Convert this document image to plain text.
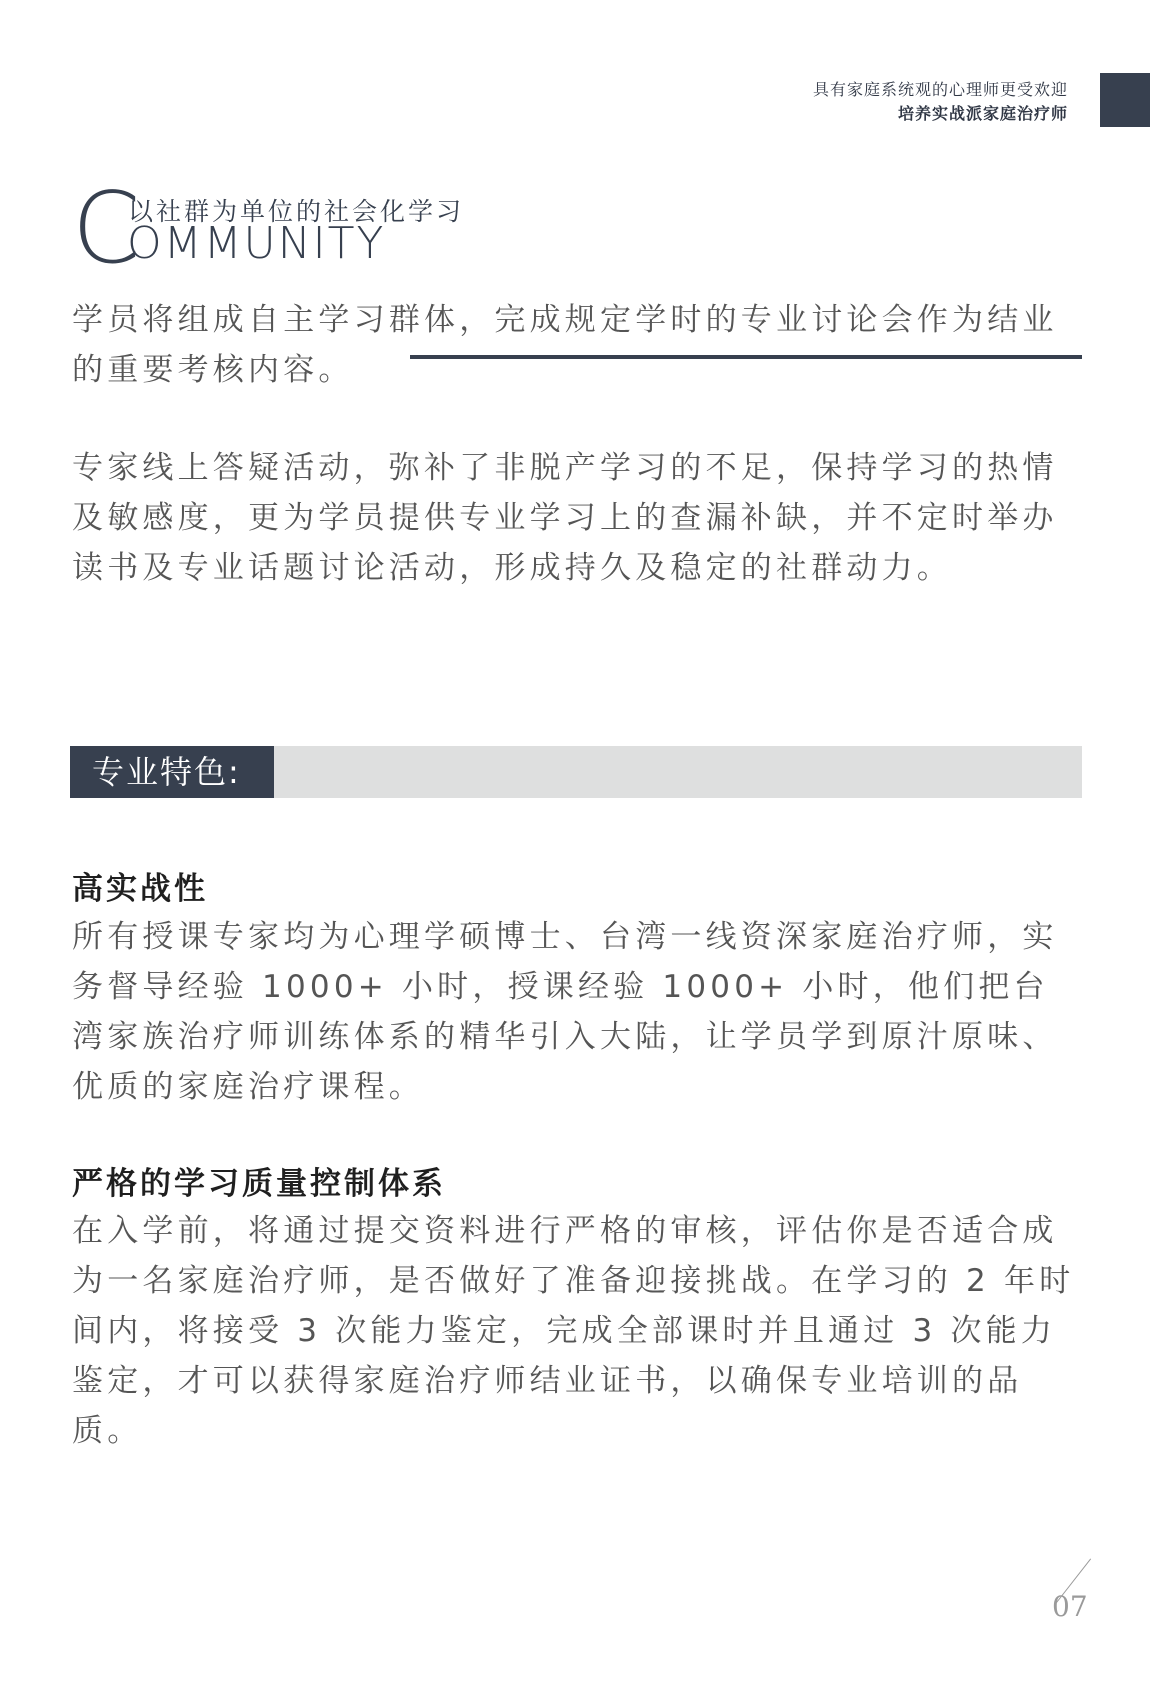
具有家庭系统观的心理师更受欢迎
培养实战派家庭治疗师
C
以社群为单位的社会化学习
OMMUNITY

学员将组成自主学习群体，完成规定学时的专业讨论会作为结业的重要考核内容。

专家线上答疑活动，弥补了非脱产学习的不足，保持学习的热情及敏感度，更为学员提供专业学习上的查漏补缺，并不定时举办读书及专业话题讨论活动，形成持久及稳定的社群动力。

专业特色:
高实战性

所有授课专家均为心理学硕博士、台湾一线资深家庭治疗师，实务督导经验 1000+ 小时，授课经验 1000+ 小时，他们把台湾家族治疗师训练体系的精华引入大陆，让学员学到原汁原味、优质的家庭治疗课程。

严格的学习质量控制体系

在入学前，将通过提交资料进行严格的审核，评估你是否适合成为一名家庭治疗师，是否做好了准备迎接挑战。在学习的 2 年时间内，将接受 3 次能力鉴定，完成全部课时并且通过 3 次能力鉴定，才可以获得家庭治疗师结业证书，以确保专业培训的品质。

07
